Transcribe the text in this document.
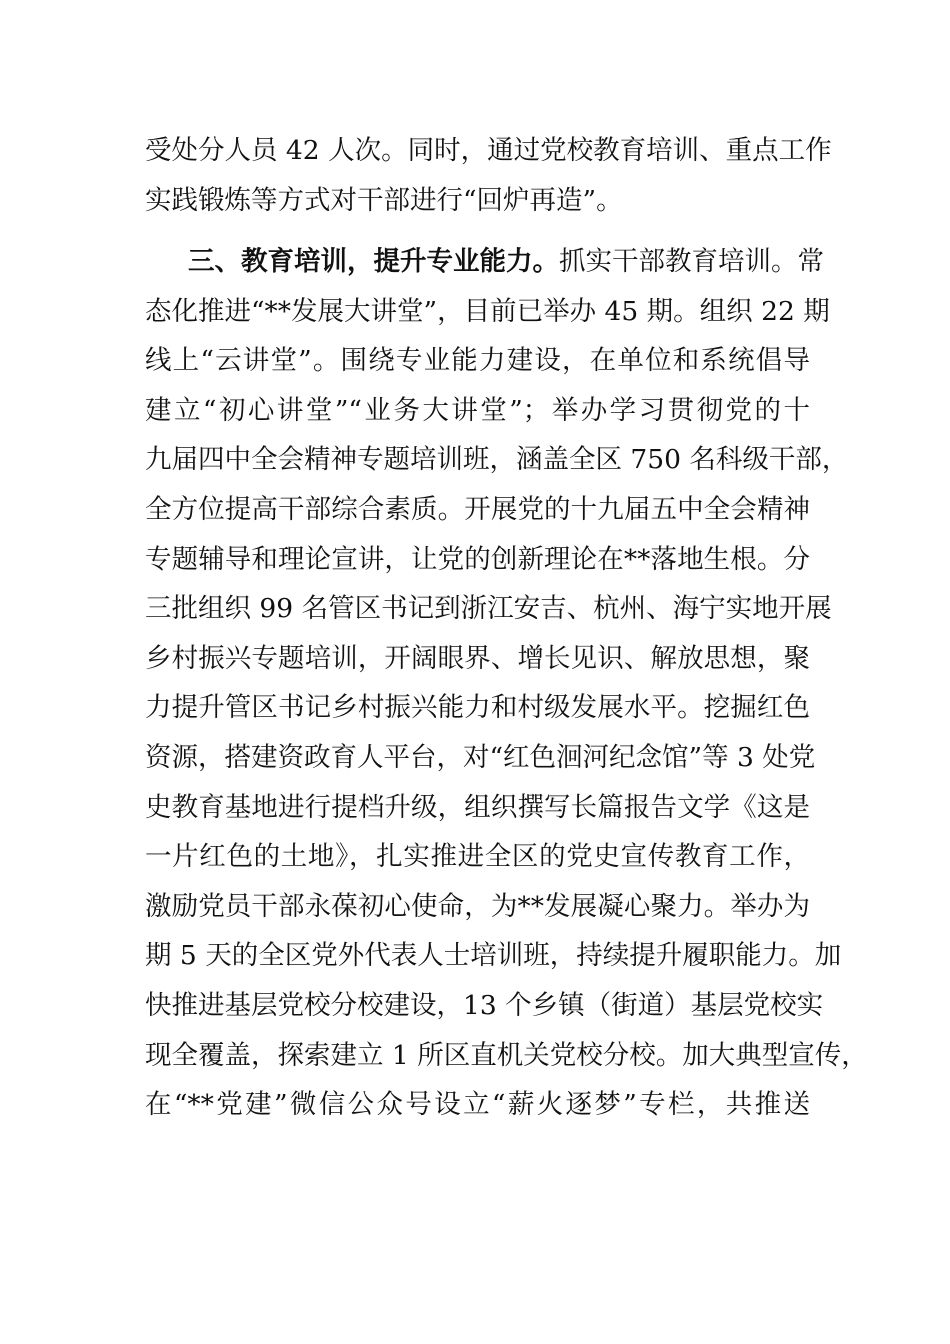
受处分人员 42 人次。同时，通过党校教育培训、重点工作
实践锻炼等方式对干部进行“回炉再造”。
三、教育培训，提升专业能力。抓实干部教育培训。常
态化推进“**发展大讲堂”，目前已举办 45 期。组织 22 期
线上“云讲堂”。围绕专业能力建设，在单位和系统倡导
建立“初心讲堂”“业务大讲堂”；举办学习贯彻党的十
九届四中全会精神专题培训班，涵盖全区 750 名科级干部，
全方位提高干部综合素质。开展党的十九届五中全会精神
专题辅导和理论宣讲，让党的创新理论在**落地生根。分
三批组织 99 名管区书记到浙江安吉、杭州、海宁实地开展
乡村振兴专题培训，开阔眼界、增长见识、解放思想，聚
力提升管区书记乡村振兴能力和村级发展水平。挖掘红色
资源，搭建资政育人平台，对“红色洄河纪念馆”等 3 处党
史教育基地进行提档升级，组织撰写长篇报告文学《这是
一片红色的土地》，扎实推进全区的党史宣传教育工作，
激励党员干部永葆初心使命，为**发展凝心聚力。举办为
期 5 天的全区党外代表人士培训班，持续提升履职能力。加
快推进基层党校分校建设，13 个乡镇（街道）基层党校实
现全覆盖，探索建立 1 所区直机关党校分校。加大典型宣传，
在“**党建”微信公众号设立“薪火逐梦”专栏，共推送
